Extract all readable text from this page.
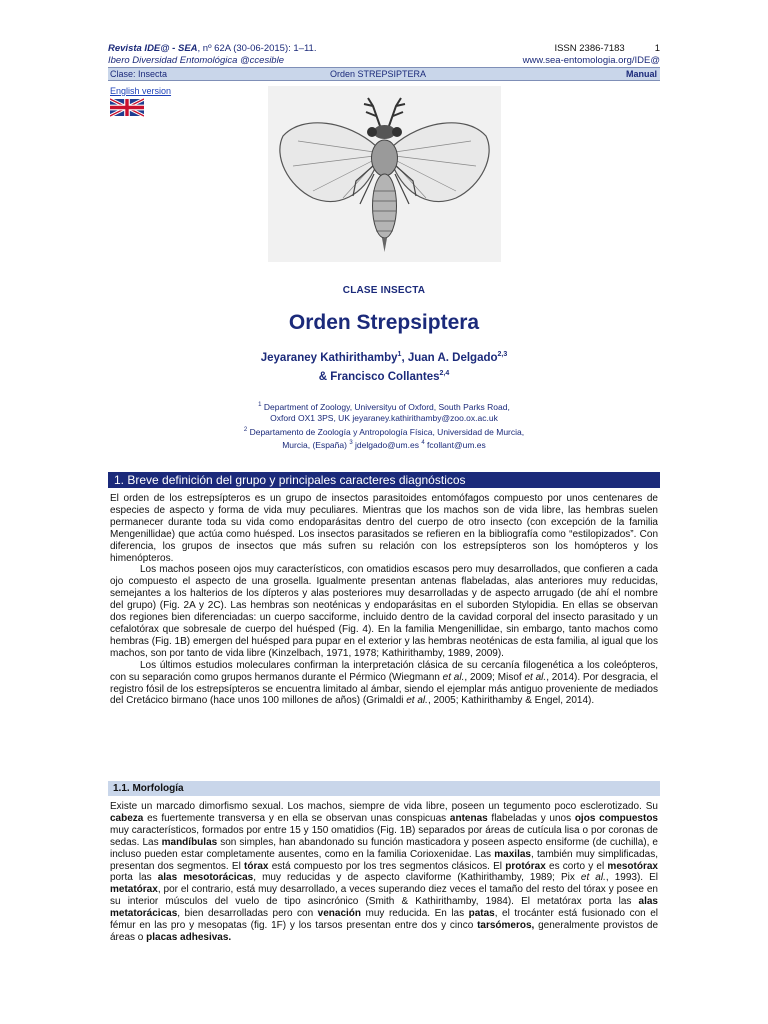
Revista IDE@ - SEA, nº 62A (30-06-2015): 1–11.	ISSN 2386-7183	1
Ibero Diversidad Entomológica @ccesible	www.sea-entomologia.org/IDE@
Clase: Insecta	Orden STREPSIPTERA	Manual
English version
CLASE INSECTA
Orden Strepsiptera
Jeyaraney Kathirithamby$^1$, Juan A. Delgado$^{2,3}$
& Francisco Collantes$^{2,4}$
$^1$ Department of Zoology, Universityu of Oxford, South Parks Road,
Oxford OX1 3PS, UK jeyaraney.kathirithamby@zoo.ox.ac.uk
$^2$ Departamento de Zoología y Antropología Física, Universidad de Murcia,
Murcia, (España) $^3$ jdelgado@um.es $^4$ fcollant@um.es
1. Breve definición del grupo y principales caracteres diagnósticos

El orden de los estrepsípteros es un grupo de insectos parasitoides entomófagos compuesto por unos centenares de especies de aspecto y forma de vida muy peculiares. Mientras que los machos son de vida libre, las hembras suelen permanecer durante toda su vida como endoparásitas dentro del cuerpo de otro insecto (con excepción de la familia Mengenillidae) que actúa como huésped. Los insectos parasitados se refieren en la bibliografía como “estilopizados”. Con diferencia, los grupos de insectos que más sufren su relación con los estrepsípteros son los homópteros y los himenópteros.

Los machos poseen ojos muy característicos, con omatidios escasos pero muy desarrollados, que confieren a cada ojo compuesto el aspecto de una grosella. Igualmente presentan antenas flabeladas, alas anteriores muy reducidas, semejantes a los halterios de los dípteros y alas posteriores muy desarrolladas y de aspecto arrugado (de ahí el nombre del grupo) (Fig. 2A y 2C). Las hembras son neoténicas y endoparásitas en el suborden Stylopidia. En ellas se observan dos regiones bien diferenciadas: un cuerpo sacciforme, incluido dentro de la cavidad corporal del insecto parasitado y un cefalotórax que sobresale de cuerpo del huésped (Fig. 4). En la familia Mengenillidae, sin embargo, tanto machos como hembras (Fig. 1B) emergen del huésped para pupar en el exterior y las hembras neoténicas de esta familia, al igual que los machos, son por tanto de vida libre (Kinzelbach, 1971, 1978; Kathirithamby, 1989, 2009).

Los últimos estudios moleculares confirman la interpretación clásica de su cercanía filogenética a los coleópteros, con su separación como grupos hermanos durante el Pérmico (Wiegmann et al., 2009; Misof et al., 2014). Por desgracia, el registro fósil de los estrepsípteros se encuentra limitado al ámbar, siendo el ejemplar más antiguo proveniente de mediados del Cretácico birmano (hace unos 100 millones de años) (Grimaldi et al., 2005; Kathirithamby & Engel, 2014).

1.1. Morfología

Existe un marcado dimorfismo sexual. Los machos, siempre de vida libre, poseen un tegumento poco esclerotizado. Su cabeza es fuertemente transversa y en ella se observan unas conspicuas antenas flabeladas y unos ojos compuestos muy característicos, formados por entre 15 y 150 omatidios (Fig. 1B) separados por áreas de cutícula lisa o por coronas de sedas. Las mandíbulas son simples, han abandonado su función masticadora y poseen aspecto ensiforme (de cuchilla), e incluso pueden estar completamente ausentes, como en la familia Corioxenidae. Las maxilas, también muy simplificadas, presentan dos segmentos. El tórax está compuesto por los tres segmentos clásicos. El protórax es corto y el mesotórax porta las alas mesotorácicas, muy reducidas y de aspecto claviforme (Kathirithamby, 1989; Pix et al., 1993). El metatórax, por el contrario, está muy desarrollado, a veces superando diez veces el tamaño del resto del tórax y posee en su interior músculos del vuelo de tipo asincrónico (Smith & Kathirithamby, 1984). El metatórax porta las alas metatorácicas, bien desarrolladas pero con venación muy reducida. En las patas, el trocánter está fusionado con el fémur en las pro y mesopatas (fig. 1F) y los tarsos presentan entre dos y cinco tarsómeros, generalmente provistos de áreas o placas adhesivas.
